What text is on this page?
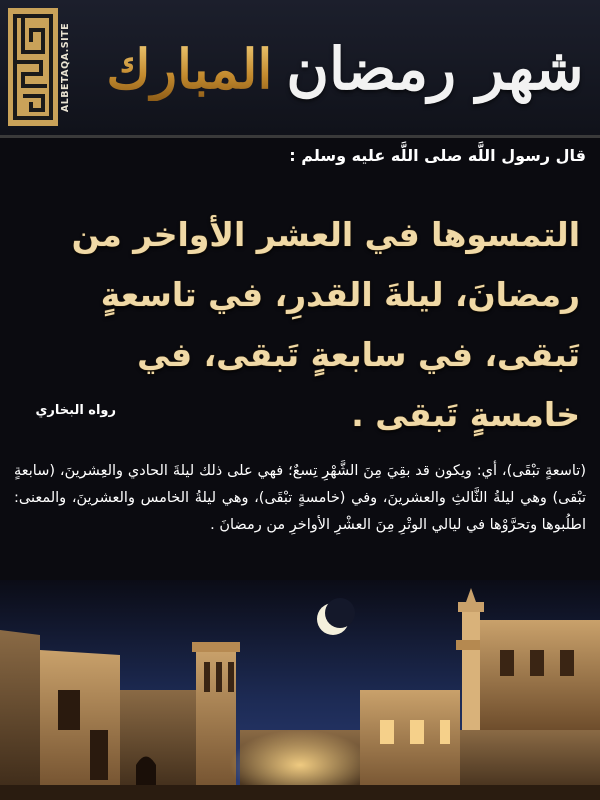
ALBETAQA.SITE	شهر رمضان
المبارك
قال رسول اللَّه صلى اللَّه عليه وسلم :
التمسوها في العشر الأواخر من رمضانَ، ليلةَ القدرِ، في تاسعةٍ تَبقى، في سابعةٍ تَبقى، في خامسةٍ تَبقى .
رواه البخاري
(تاسعةٍ تبْقَى)، أي: ويكون قد بقِيَ مِنَ الشَّهْرِ تِسعٌ؛ فهي على ذلك ليلةَ الحادي والعِشرينَ، (سابعةٍ تبْقى) وهي ليلةُ الثَّالثِ والعشرينَ، وفي (خامسةٍ تبْقَى)، وهي ليلةُ الخامس والعشرينَ، والمعنى: اطلُبوها وتحرَّوْها في ليالي الوتْرِ مِنَ العشْرِ الأواخرِ من رمضانَ .
